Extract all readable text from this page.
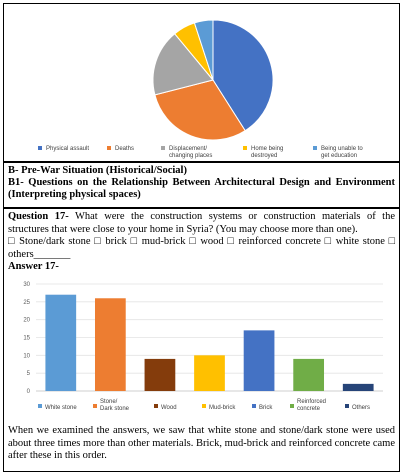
Physical assault	Deaths	Displacement/
changing places
Home being
destroyed
Being unable to
get education
B- Pre-War Situation (Historical/Social)
B1- Questions on the Relationship Between Architectural Design and Environment (Interpreting physical spaces)
Question 17- What were the construction systems or construction materials of the structures that were close to your home in Syria? (You may choose more than one).
□ Stone/dark stone □ brick □ mud-brick □ wood □ reinforced concrete □ white stone □ others_______
Answer 17-
0
5
10
15
20
25
30
White stone
Stone/
Dark stone	Wood	Mud-brick	Brick
Reinforced
concrete	Others
When we examined the answers, we saw that white stone and stone/dark stone were used about three times more than other materials. Brick, mud-brick and reinforced concrete came after these in this order.
